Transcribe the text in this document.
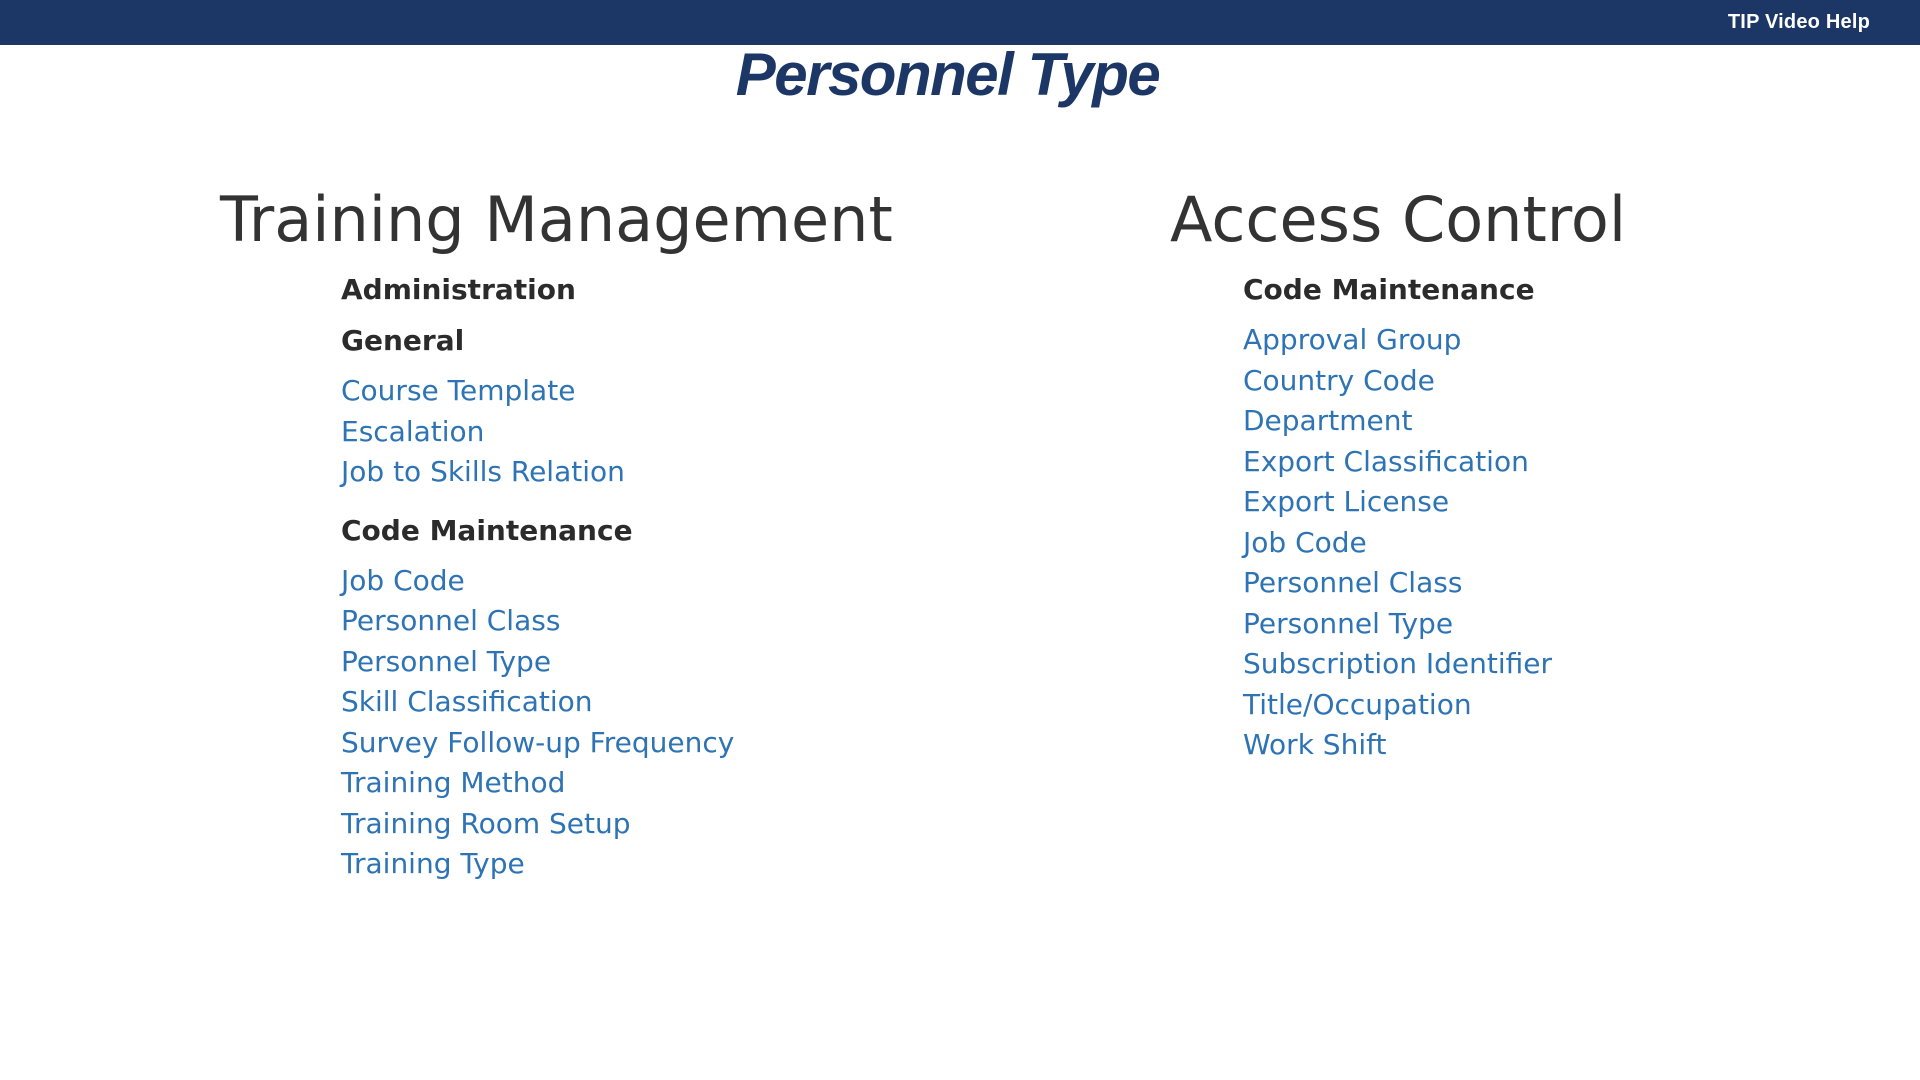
TIP Video Help
Personnel Type
Training Management
Administration
General
Course Template
Escalation
Job to Skills Relation
Code Maintenance
Job Code
Personnel Class
Personnel Type
Skill Classification
Survey Follow-up Frequency
Training Method
Training Room Setup
Training Type
Access Control
Code Maintenance
Approval Group
Country Code
Department
Export Classification
Export License
Job Code
Personnel Class
Personnel Type
Subscription Identifier
Title/Occupation
Work Shift
